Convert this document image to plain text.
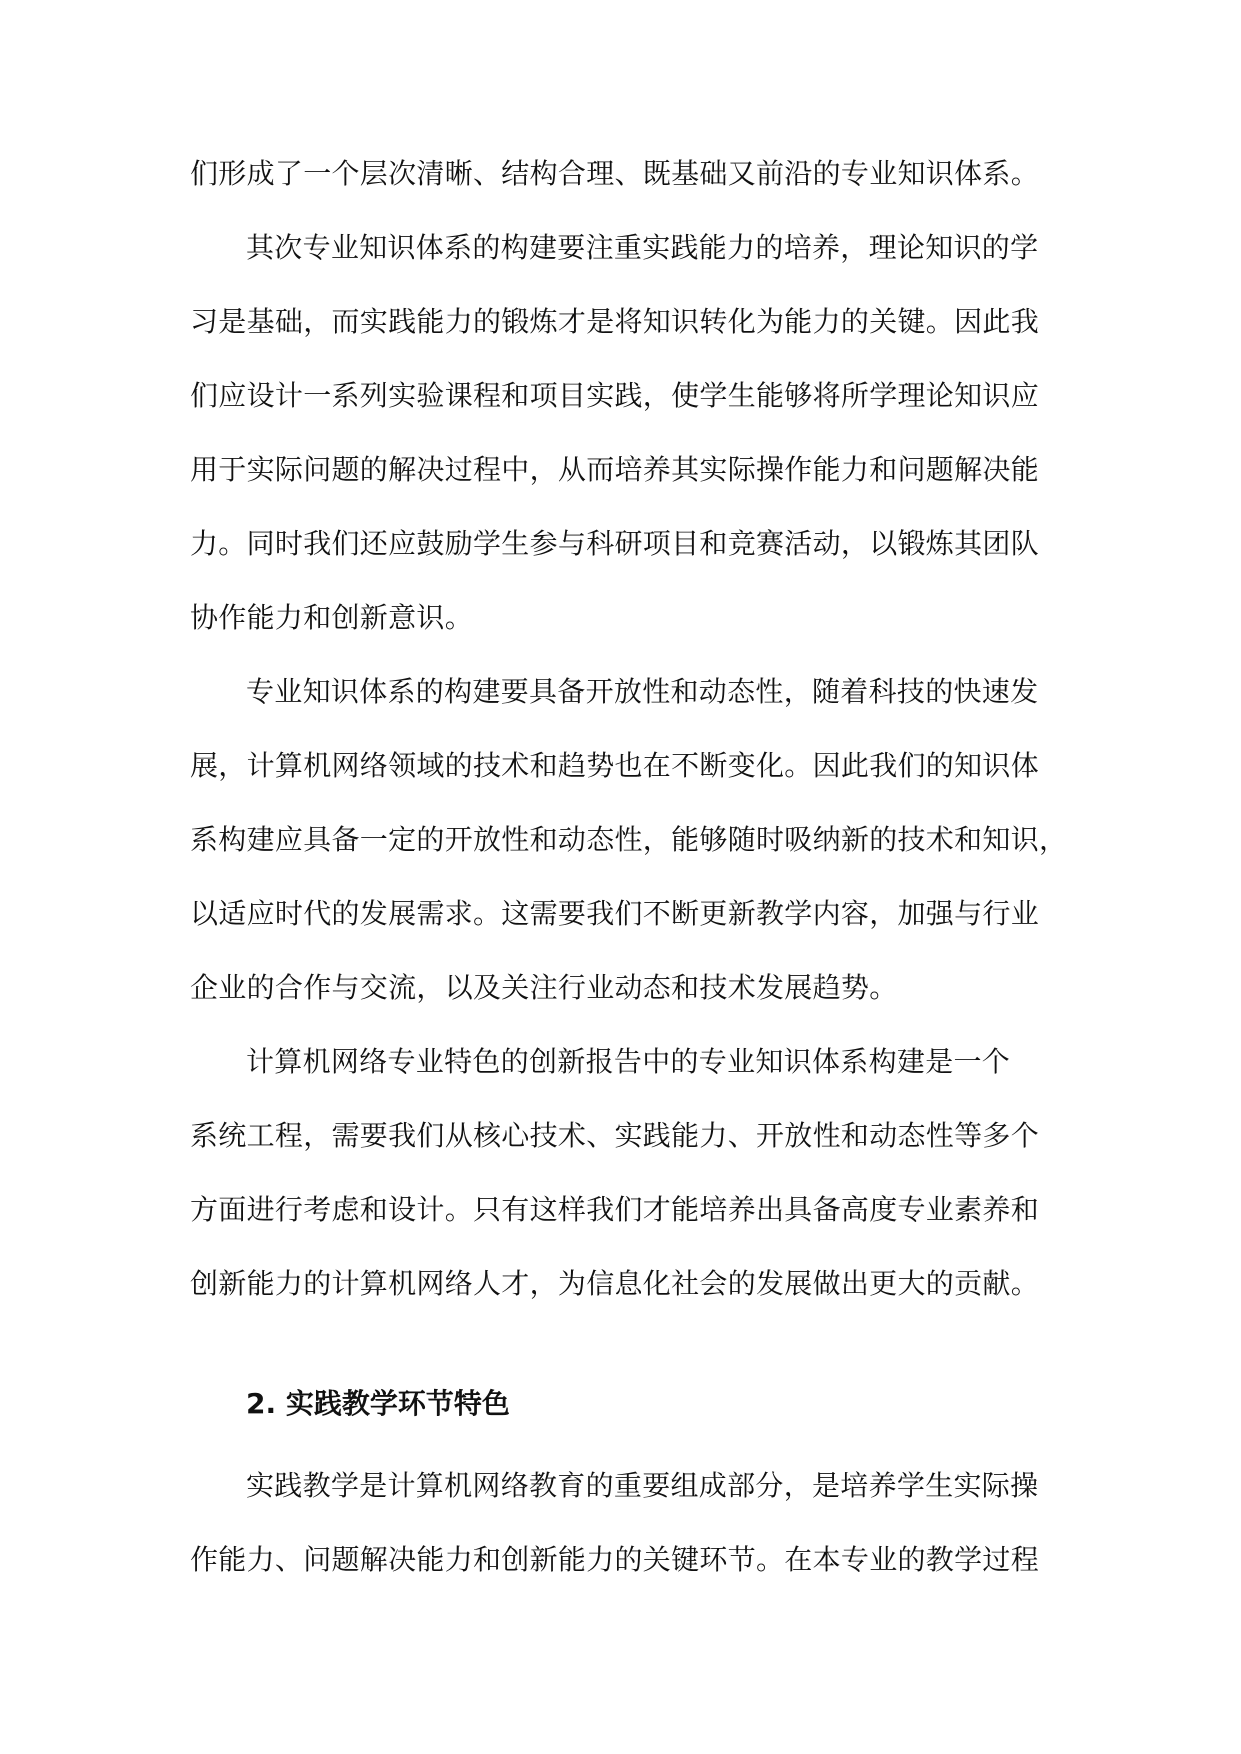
们形成了一个层次清晰、结构合理、既基础又前沿的专业知识体系。
其次专业知识体系的构建要注重实践能力的培养，理论知识的学
习是基础，而实践能力的锻炼才是将知识转化为能力的关键。因此我
们应设计一系列实验课程和项目实践，使学生能够将所学理论知识应
用于实际问题的解决过程中，从而培养其实际操作能力和问题解决能
力。同时我们还应鼓励学生参与科研项目和竞赛活动，以锻炼其团队
协作能力和创新意识。
专业知识体系的构建要具备开放性和动态性，随着科技的快速发
展，计算机网络领域的技术和趋势也在不断变化。因此我们的知识体
系构建应具备一定的开放性和动态性，能够随时吸纳新的技术和知识，
以适应时代的发展需求。这需要我们不断更新教学内容，加强与行业
企业的合作与交流，以及关注行业动态和技术发展趋势。
计算机网络专业特色的创新报告中的专业知识体系构建是一个
系统工程，需要我们从核心技术、实践能力、开放性和动态性等多个
方面进行考虑和设计。只有这样我们才能培养出具备高度专业素养和
创新能力的计算机网络人才，为信息化社会的发展做出更大的贡献。
2. 实践教学环节特色
实践教学是计算机网络教育的重要组成部分，是培养学生实际操
作能力、问题解决能力和创新能力的关键环节。在本专业的教学过程
